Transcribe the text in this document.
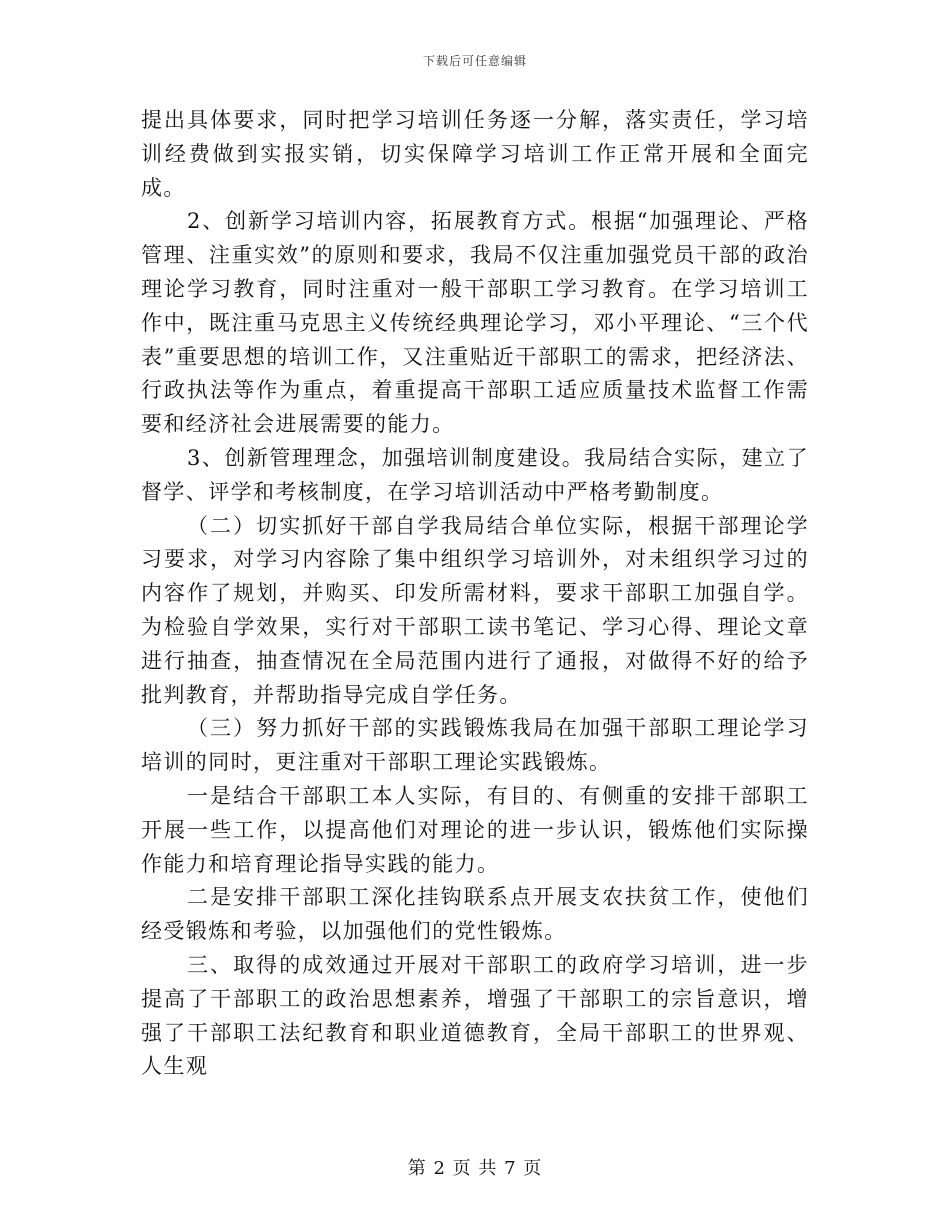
下载后可任意编辑

提出具体要求，同时把学习培训任务逐一分解，落实责任，学习培训经费做到实报实销，切实保障学习培训工作正常开展和全面完成。

2、创新学习培训内容，拓展教育方式。根据“加强理论、严格管理、注重实效”的原则和要求，我局不仅注重加强党员干部的政治理论学习教育，同时注重对一般干部职工学习教育。在学习培训工作中，既注重马克思主义传统经典理论学习，邓小平理论、“三个代表”重要思想的培训工作，又注重贴近干部职工的需求，把经济法、行政执法等作为重点，着重提高干部职工适应质量技术监督工作需要和经济社会进展需要的能力。

3、创新管理理念，加强培训制度建设。我局结合实际，建立了督学、评学和考核制度，在学习培训活动中严格考勤制度。

（二）切实抓好干部自学我局结合单位实际，根据干部理论学习要求，对学习内容除了集中组织学习培训外，对未组织学习过的内容作了规划，并购买、印发所需材料，要求干部职工加强自学。为检验自学效果，实行对干部职工读书笔记、学习心得、理论文章进行抽查，抽查情况在全局范围内进行了通报，对做得不好的给予批判教育，并帮助指导完成自学任务。

（三）努力抓好干部的实践锻炼我局在加强干部职工理论学习培训的同时，更注重对干部职工理论实践锻炼。

一是结合干部职工本人实际，有目的、有侧重的安排干部职工开展一些工作，以提高他们对理论的进一步认识，锻炼他们实际操作能力和培育理论指导实践的能力。

二是安排干部职工深化挂钩联系点开展支农扶贫工作，使他们经受锻炼和考验，以加强他们的党性锻炼。

三、取得的成效通过开展对干部职工的政府学习培训，进一步提高了干部职工的政治思想素养，增强了干部职工的宗旨意识，增强了干部职工法纪教育和职业道德教育，全局干部职工的世界观、人生观

第 2 页 共 7 页
